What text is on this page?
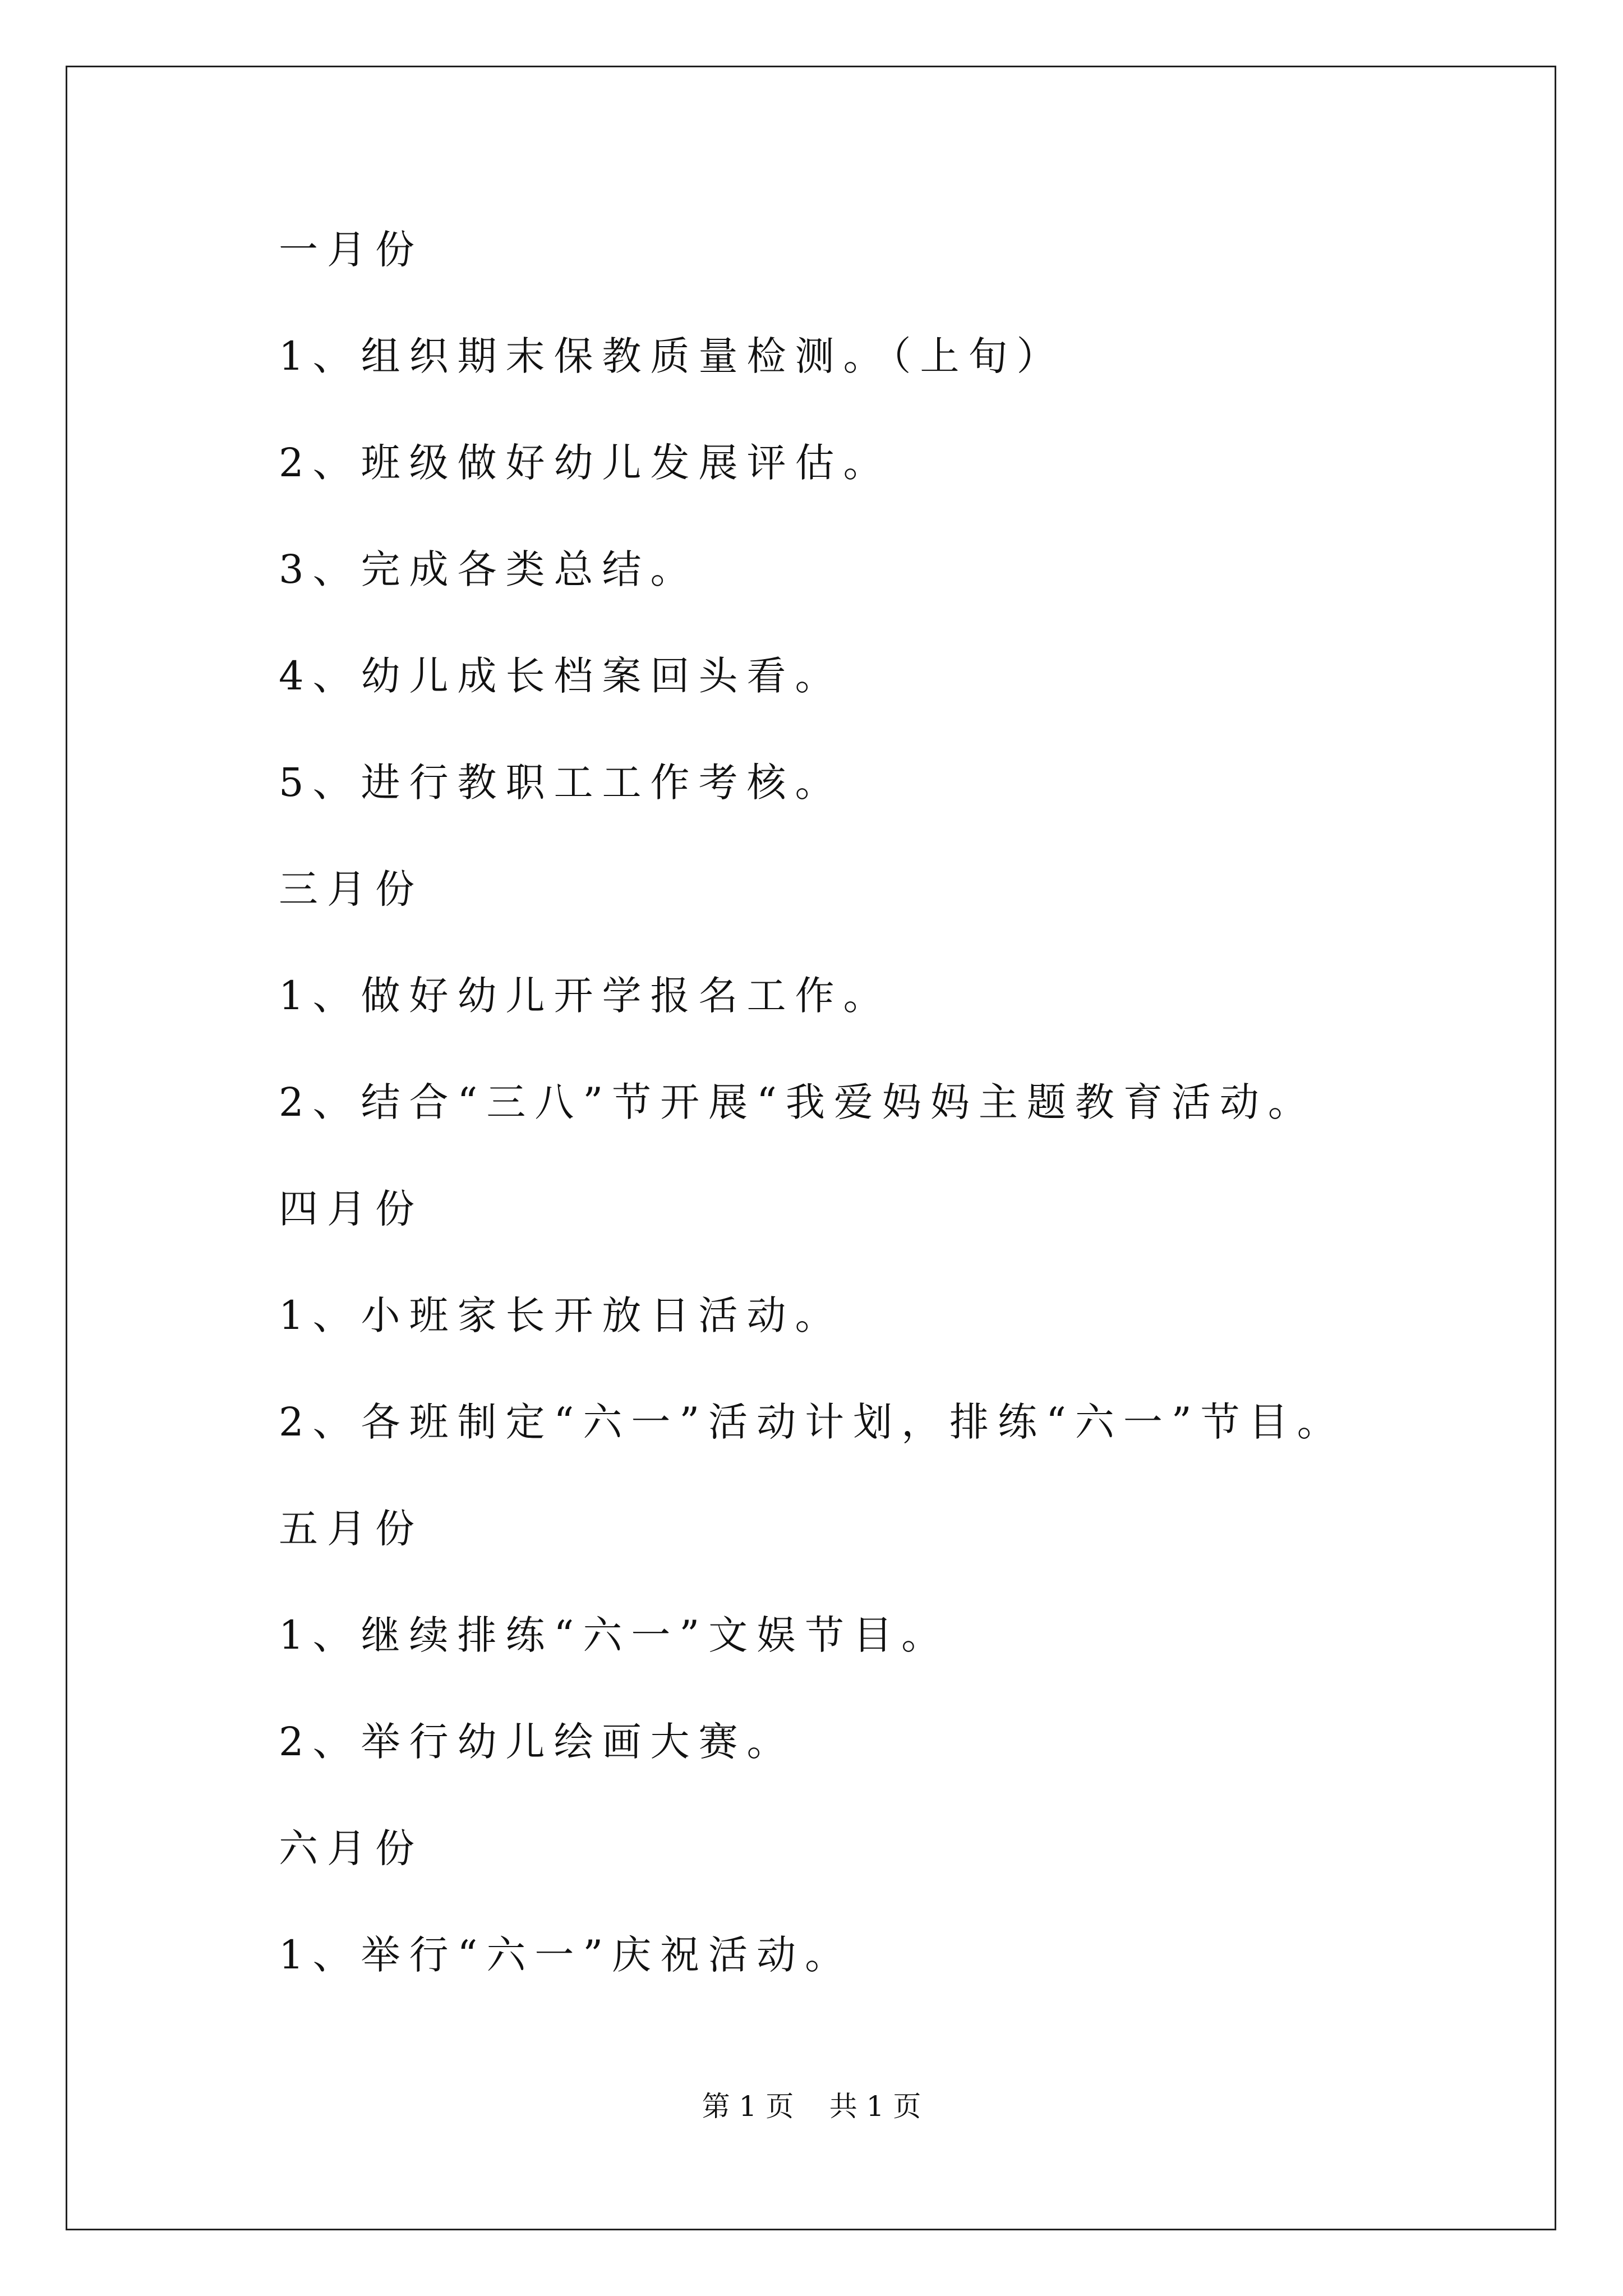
一月份
1、组织期末保教质量检测。（上旬）
2、班级做好幼儿发展评估。
3、完成各类总结。
4、幼儿成长档案回头看。
5、进行教职工工作考核。
三月份
1、做好幼儿开学报名工作。
2、结合“三八”节开展“我爱妈妈主题教育活动。
四月份
1、小班家长开放日活动。
2、各班制定“六一”活动计划，排练“六一”节目。
五月份
1、继续排练“六一”文娱节目。
2、举行幼儿绘画大赛。
六月份
1、举行“六一”庆祝活动。
第 1 页    共 1 页
